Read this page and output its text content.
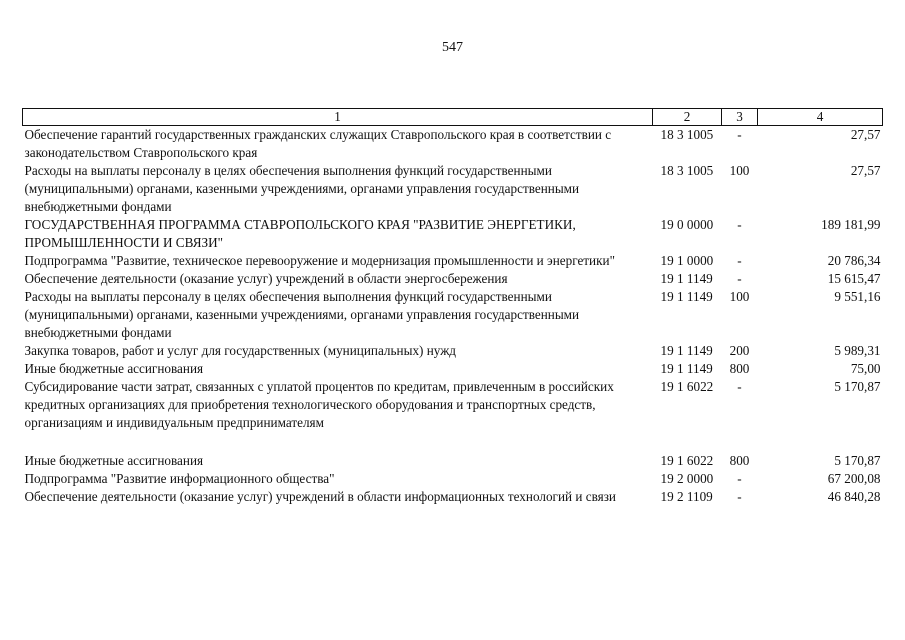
547
1	2	3	4
Обеспечение гарантий государственных гражданских служащих Ставропольского края в соответствии с законодательством Ставропольского края	18 3 1005	-	27,57
Расходы на выплаты персоналу в целях обеспечения выполнения функций государственными (муниципальными) органами, казенными учреждениями, органами управления государственными внебюджетными фондами	18 3 1005	100	27,57
ГОСУДАРСТВЕННАЯ ПРОГРАММА СТАВРОПОЛЬСКОГО КРАЯ "РАЗВИТИЕ ЭНЕРГЕТИКИ, ПРОМЫШЛЕННОСТИ И СВЯЗИ"	19 0 0000	-	189 181,99
Подпрограмма "Развитие, техническое перевооружение и модернизация промышленности и энергетики"	19 1 0000	-	20 786,34
Обеспечение деятельности (оказание услуг) учреждений в области энергосбережения	19 1 1149	-	15 615,47
Расходы на выплаты персоналу в целях обеспечения выполнения функций государственными (муниципальными) органами, казенными учреждениями, органами управления государственными внебюджетными фондами	19 1 1149	100	9 551,16
Закупка товаров, работ и услуг для государственных (муниципальных) нужд	19 1 1149	200	5 989,31
Иные бюджетные ассигнования	19 1 1149	800	75,00
Субсидирование части затрат, связанных с уплатой процентов по кредитам, привлеченным в российских кредитных организациях для приобретения технологического оборудования и транспортных средств, организациям и индивидуальным предпринимателям	19 1 6022	-	5 170,87

Иные бюджетные ассигнования	19 1 6022	800	5 170,87
Подпрограмма "Развитие информационного общества"	19 2 0000	-	67 200,08
Обеспечение деятельности (оказание услуг) учреждений в области информационных технологий и связи	19 2 1109	-	46 840,28
